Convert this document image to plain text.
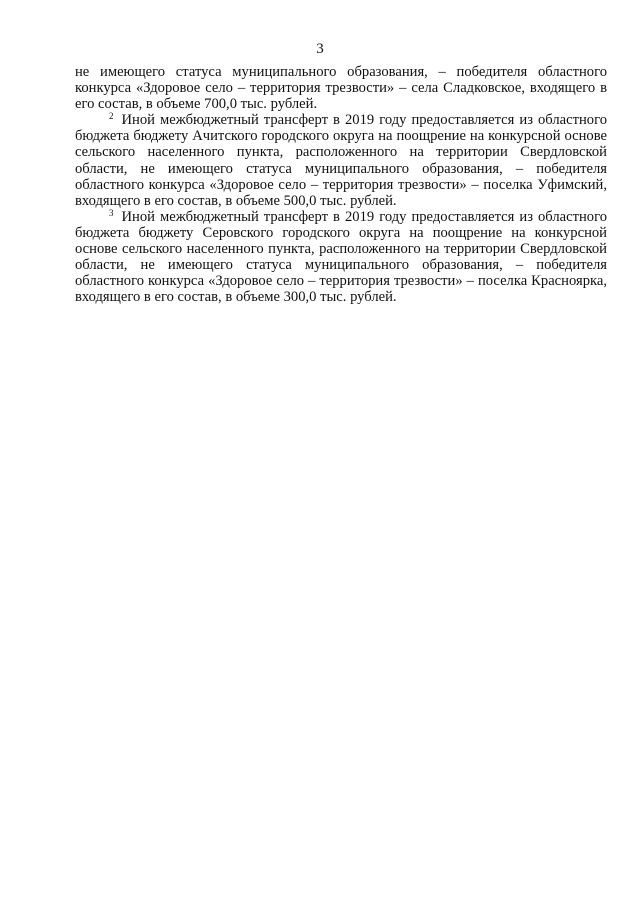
3

не имеющего статуса муниципального образования, – победителя областного конкурса «Здоровое село – территория трезвости» – села Сладковское, входящего в его состав, в объеме 700,0 тыс. рублей.

$^2$ Иной межбюджетный трансферт в 2019 году предоставляется из областного бюджета бюджету Ачитского городского округа на поощрение на конкурсной основе сельского населенного пункта, расположенного на территории Свердловской области, не имеющего статуса муниципального образования, – победителя областного конкурса «Здоровое село – территория трезвости» – поселка Уфимский, входящего в его состав, в объеме 500,0 тыс. рублей.

$^3$ Иной межбюджетный трансферт в 2019 году предоставляется из областного бюджета бюджету Серовского городского округа на поощрение на конкурсной основе сельского населенного пункта, расположенного на территории Свердловской области, не имеющего статуса муниципального образования, – победителя областного конкурса «Здоровое село – территория трезвости» – поселка Красноярка, входящего в его состав, в объеме 300,0 тыс. рублей.
